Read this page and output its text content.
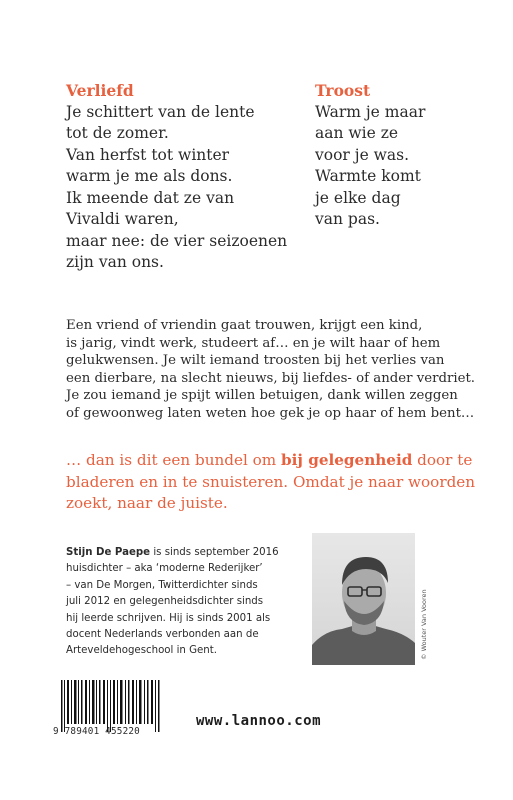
Verliefd
Je schittert van de lente
tot de zomer.
Van herfst tot winter
warm je me als dons.
Ik meende dat ze van
Vivaldi waren,
maar nee: de vier seizoenen
zijn van ons.
Troost
Warm je maar
aan wie ze
voor je was.
Warmte komt
je elke dag
van pas.
Een vriend of vriendin gaat trouwen, krijgt een kind,
is jarig, vindt werk, studeert af… en je wilt haar of hem
gelukwensen. Je wilt iemand troosten bij het verlies van
een dierbare, na slecht nieuws, bij liefdes- of ander verdriet.
Je zou iemand je spijt willen betuigen, dank willen zeggen
of gewoonweg laten weten hoe gek je op haar of hem bent…
… dan is dit een bundel om bij gelegenheid door te
bladeren en in te snuisteren. Omdat je naar woorden
zoekt, naar de juiste.
Stijn De Paepe is sinds september 2016
huisdichter – aka ‘moderne Rederijker’
– van De Morgen, Twitterdichter sinds
juli 2012 en gelegenheidsdichter sinds
hij leerde schrijven. Hij is sinds 2001 als
docent Nederlands verbonden aan de
Arteveldehogeschool in Gent.	© Wouter Van Vooren
9 789401 455220
www.lannoo.com
